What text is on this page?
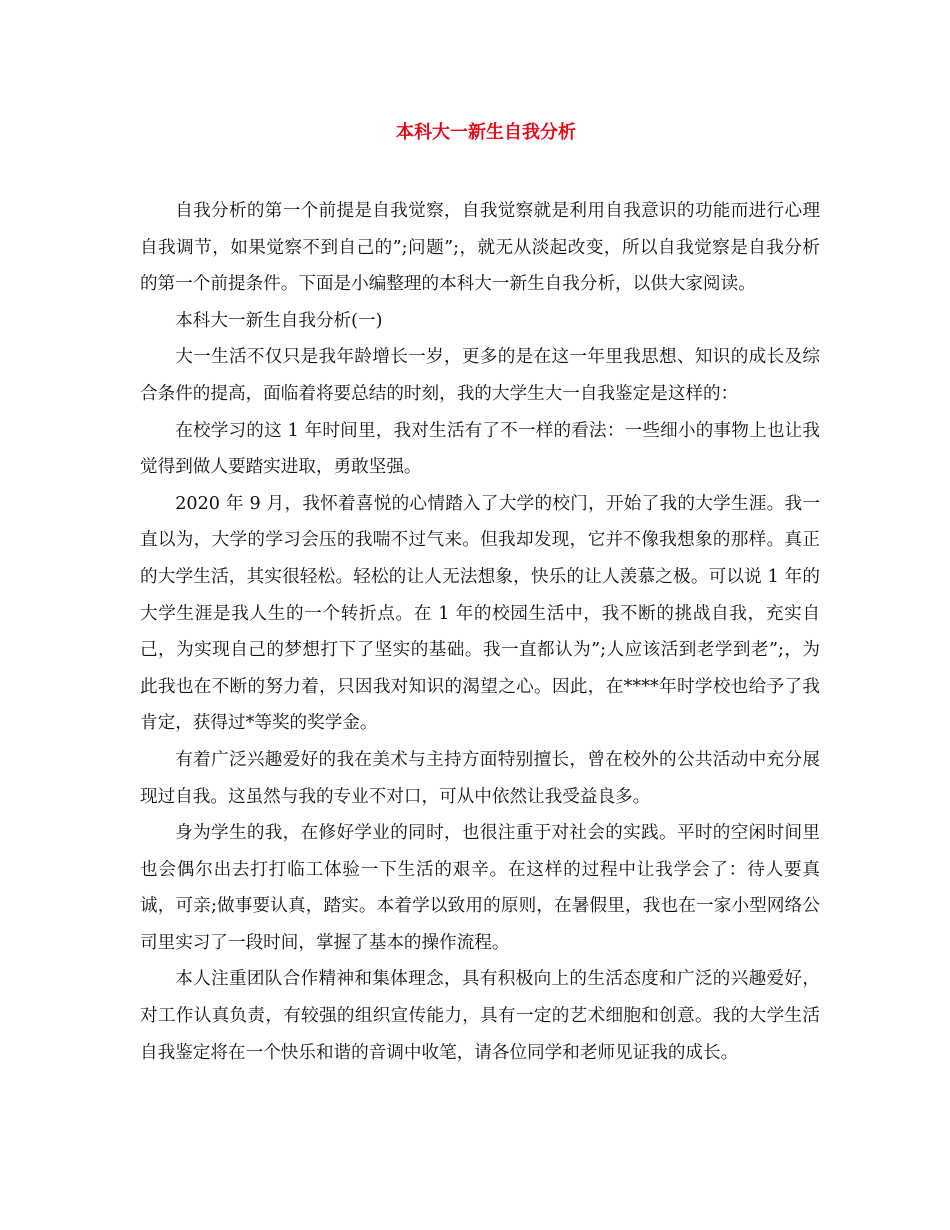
本科大一新生自我分析

自我分析的第一个前提是自我觉察，自我觉察就是利用自我意识的功能而进行心理自我调节，如果觉察不到自己的”;问题”;，就无从淡起改变，所以自我觉察是自我分析的第一个前提条件。下面是小编整理的本科大一新生自我分析，以供大家阅读。

本科大一新生自我分析(一)

大一生活不仅只是我年龄增长一岁，更多的是在这一年里我思想、知识的成长及综合条件的提高，面临着将要总结的时刻，我的大学生大一自我鉴定是这样的：

在校学习的这 1 年时间里，我对生活有了不一样的看法：一些细小的事物上也让我觉得到做人要踏实进取，勇敢坚强。

2020 年 9 月，我怀着喜悦的心情踏入了大学的校门，开始了我的大学生涯。我一直以为，大学的学习会压的我喘不过气来。但我却发现，它并不像我想象的那样。真正的大学生活，其实很轻松。轻松的让人无法想象，快乐的让人羡慕之极。可以说 1 年的大学生涯是我人生的一个转折点。在 1 年的校园生活中，我不断的挑战自我，充实自己，为实现自己的梦想打下了坚实的基础。我一直都认为”;人应该活到老学到老”;，为此我也在不断的努力着，只因我对知识的渴望之心。因此，在****年时学校也给予了我肯定，获得过*等奖的奖学金。

有着广泛兴趣爱好的我在美术与主持方面特别擅长，曾在校外的公共活动中充分展现过自我。这虽然与我的专业不对口，可从中依然让我受益良多。

身为学生的我，在修好学业的同时，也很注重于对社会的实践。平时的空闲时间里也会偶尔出去打打临工体验一下生活的艰辛。在这样的过程中让我学会了：待人要真诚，可亲;做事要认真，踏实。本着学以致用的原则，在暑假里，我也在一家小型网络公司里实习了一段时间，掌握了基本的操作流程。

本人注重团队合作精神和集体理念，具有积极向上的生活态度和广泛的兴趣爱好，对工作认真负责，有较强的组织宣传能力，具有一定的艺术细胞和创意。我的大学生活自我鉴定将在一个快乐和谐的音调中收笔，请各位同学和老师见证我的成长。
